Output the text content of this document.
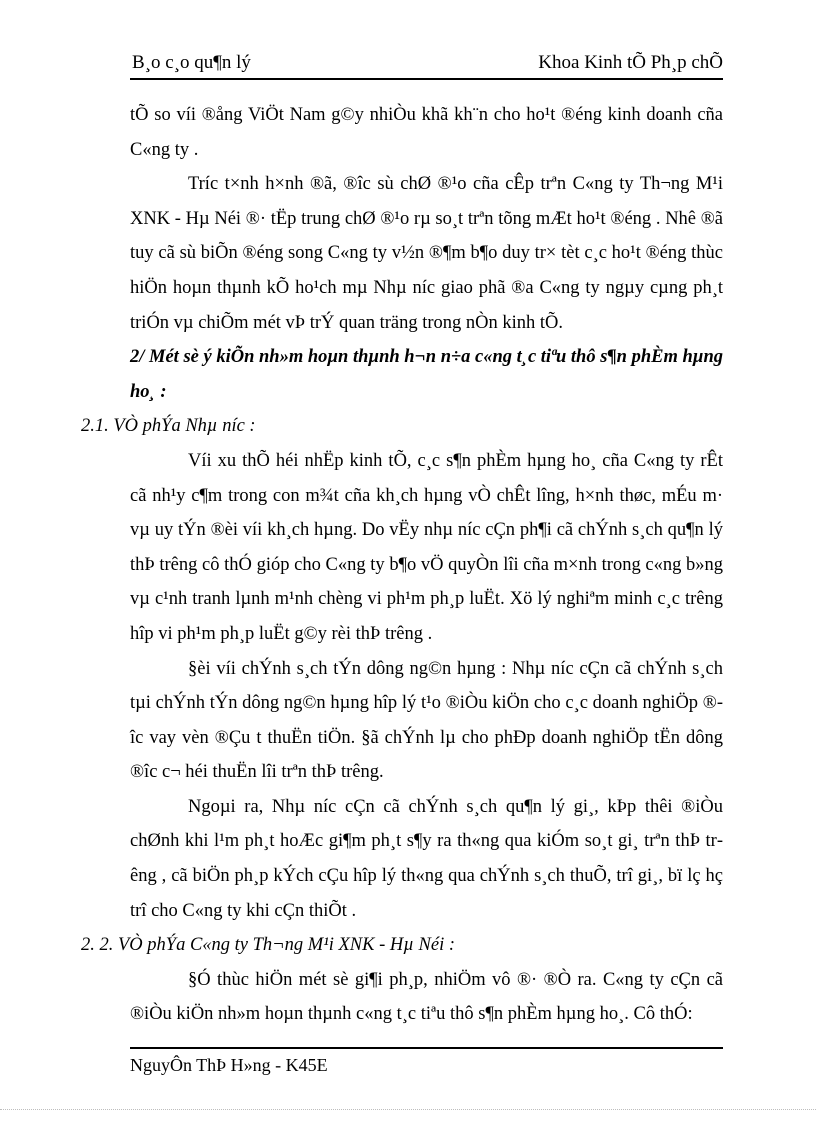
B¸o c¸o qu¶n lý	Khoa Kinh tÕ Ph¸p chÕ

tÕ so víi ®ång ViÖt Nam g©y nhiÒu khã kh¨n cho ho¹t ®éng kinh doanh cña C«ng ty .

Tríc t×nh h×nh ®ã, ®îc sù chØ ®¹o cña cÊp trªn C«ng ty Th¬ng M¹i XNK - Hµ Néi ®· tËp trung chØ ®¹o rµ so¸t trªn tõng mÆt ho¹t ®éng . Nhê ®ã tuy cã sù biÕn ®éng song C«ng ty v½n ®¶m b¶o duy tr× tèt c¸c ho¹t ®éng thùc hiÖn hoµn thµnh kÕ ho¹ch mµ Nhµ níc giao phã ®a C«ng ty ngµy cµng ph¸t triÓn vµ chiÕm mét vÞ trÝ quan träng trong nÒn kinh tÕ.

2/ Mét sè ý kiÕn nh»m hoµn thµnh h¬n n÷a c«ng t¸c tiªu thô s¶n phÈm hµng ho¸ :

2.1. VÒ phÝa Nhµ níc :

Víi xu thÕ héi nhËp kinh tÕ, c¸c s¶n phÈm hµng ho¸ cña C«ng ty rÊt cã nh¹y c¶m trong con m¾t cña kh¸ch hµng vÒ chÊt lîng, h×nh thøc, mÉu m· vµ uy tÝn ®èi víi kh¸ch hµng. Do vËy nhµ níc cÇn ph¶i cã chÝnh s¸ch qu¶n lý thÞ trêng cô thÓ gióp cho C«ng ty b¶o vÖ quyÒn lîi cña m×nh trong c«ng b»ng vµ c¹nh tranh lµnh m¹nh chèng vi ph¹m ph¸p luËt. Xö lý nghiªm minh c¸c trêng hîp vi ph¹m ph¸p luËt g©y rèi thÞ trêng .

§èi víi chÝnh s¸ch tÝn dông ng©n hµng : Nhµ níc cÇn cã chÝnh s¸ch tµi chÝnh tÝn dông ng©n hµng hîp lý t¹o ®iÒu kiÖn cho c¸c doanh nghiÖp ®îc vay vèn ®Çu t thuËn tiÖn. §ã chÝnh lµ cho phÐp doanh nghiÖp tËn dông ®îc c¬ héi thuËn lîi trªn thÞ trêng.

Ngoµi ra, Nhµ níc cÇn cã chÝnh s¸ch qu¶n lý gi¸, kÞp thêi ®iÒu chØnh khi l¹m ph¸t hoÆc gi¶m ph¸t s¶y ra th«ng qua kiÓm so¸t gi¸ trªn thÞ trêng , cã biÖn ph¸p kÝch cÇu hîp lý th«ng qua chÝnh s¸ch thuÕ, trî gi¸, bï lç hç trî cho C«ng ty khi cÇn thiÕt .

2. 2. VÒ phÝa C«ng ty Th¬ng M¹i XNK - Hµ Néi :

§Ó thùc hiÖn mét sè gi¶i ph¸p, nhiÖm vô ®· ®Ò ra. C«ng ty cÇn cã ®iÒu kiÖn nh»m hoµn thµnh c«ng t¸c tiªu thô s¶n phÈm hµng ho¸. Cô thÓ:

NguyÔn ThÞ H»ng - K45E
